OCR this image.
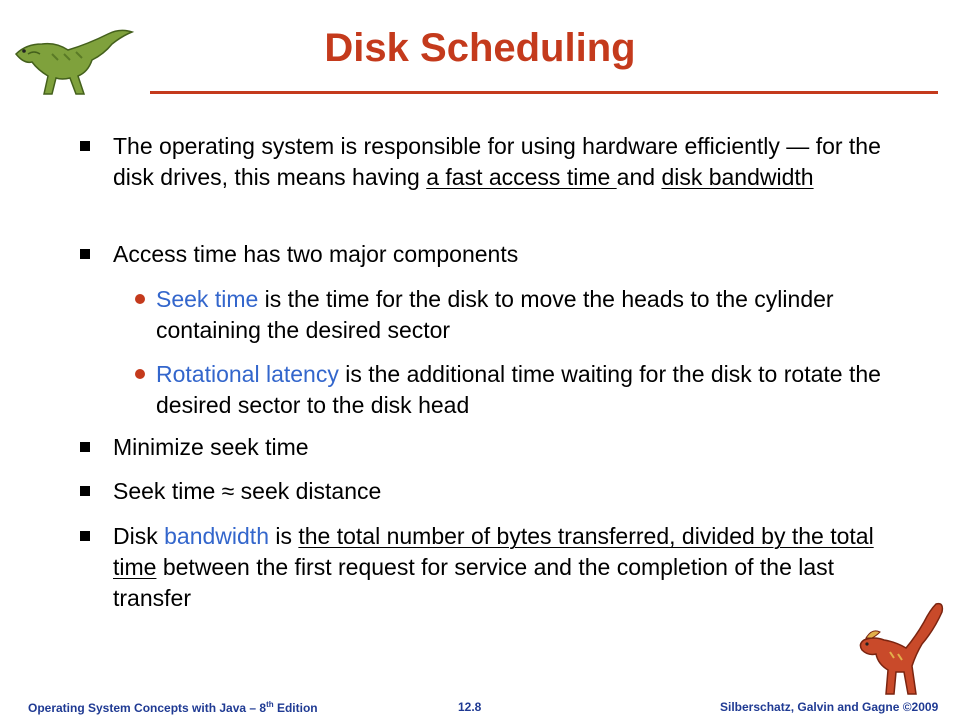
Disk Scheduling

The operating system is responsible for using hardware efficiently — for the disk drives, this means having a fast access time and disk bandwidth

Access time has two major components

Seek time is the time for the disk to move the heads to the cylinder containing the desired sector

Rotational latency is the additional time waiting for the disk to rotate the desired sector to the disk head

Minimize seek time

Seek time ≈ seek distance

Disk bandwidth is the total number of bytes transferred, divided by the total time between the first request for service and the completion of the last transfer

Operating System Concepts with Java – 8th Edition	12.8	Silberschatz, Galvin and Gagne ©2009
